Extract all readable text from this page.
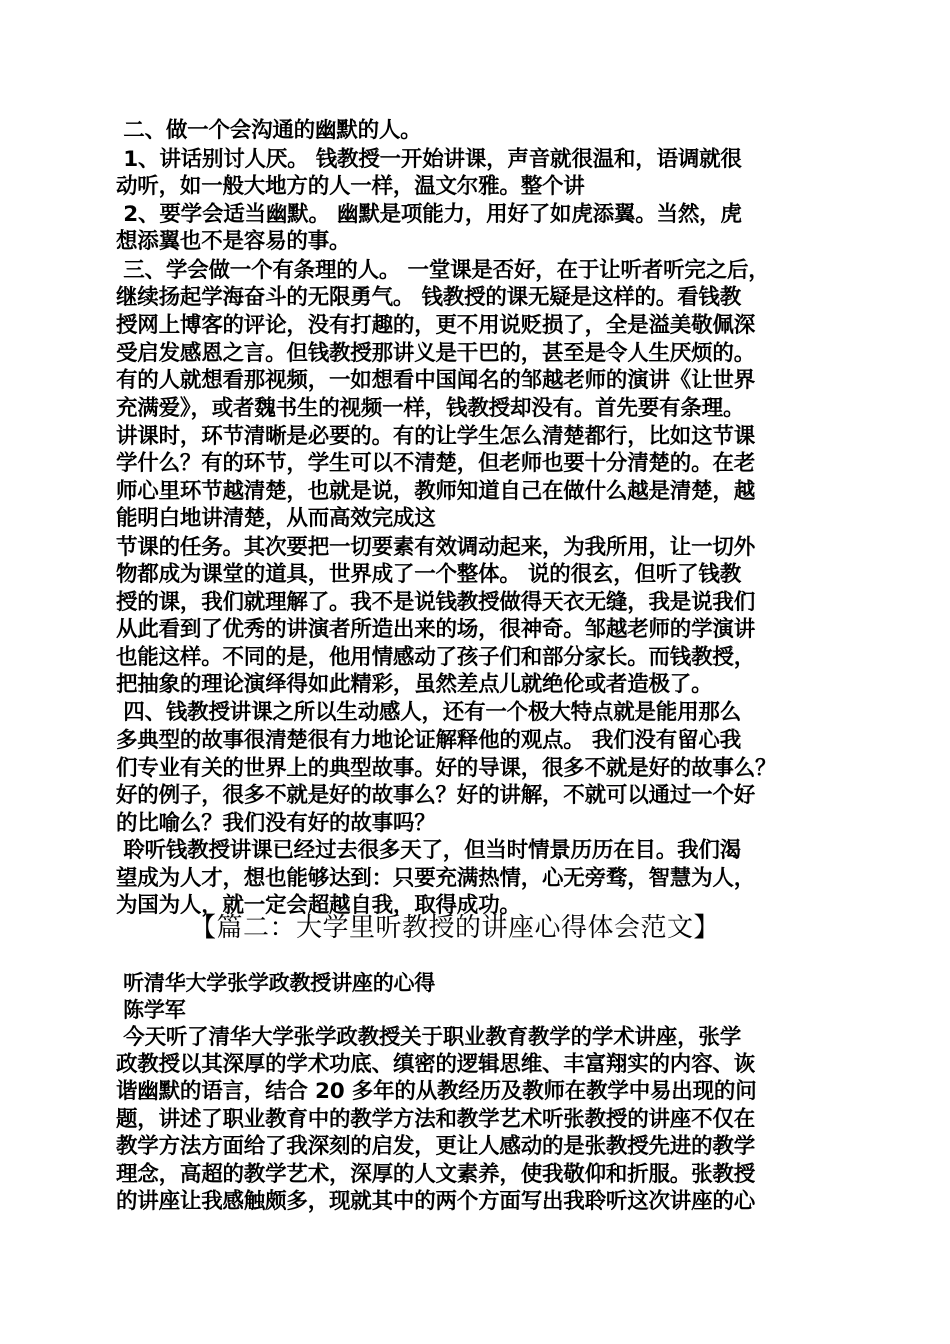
二、做一个会沟通的幽默的人。
1、讲话别讨人厌。 钱教授一开始讲课，声音就很温和，语调就很
动听，如一般大地方的人一样，温文尔雅。整个讲
2、要学会适当幽默。 幽默是项能力，用好了如虎添翼。当然，虎
想添翼也不是容易的事。
三、学会做一个有条理的人。 一堂课是否好，在于让听者听完之后，
继续扬起学海奋斗的无限勇气。 钱教授的课无疑是这样的。看钱教
授网上博客的评论，没有打趣的，更不用说贬损了，全是溢美敬佩深
受启发感恩之言。但钱教授那讲义是干巴的，甚至是令人生厌烦的。
有的人就想看那视频，一如想看中国闻名的邹越老师的演讲《让世界
充满爱》，或者魏书生的视频一样，钱教授却没有。首先要有条理。
讲课时，环节清晰是必要的。有的让学生怎么清楚都行，比如这节课
学什么？有的环节，学生可以不清楚，但老师也要十分清楚的。在老
师心里环节越清楚，也就是说，教师知道自己在做什么越是清楚，越
能明白地讲清楚，从而高效完成这
节课的任务。其次要把一切要素有效调动起来，为我所用，让一切外
物都成为课堂的道具，世界成了一个整体。 说的很玄，但听了钱教
授的课，我们就理解了。我不是说钱教授做得天衣无缝，我是说我们
从此看到了优秀的讲演者所造出来的场，很神奇。邹越老师的学演讲
也能这样。不同的是，他用情感动了孩子们和部分家长。而钱教授，
把抽象的理论演绎得如此精彩，虽然差点儿就绝伦或者造极了。
四、钱教授讲课之所以生动感人，还有一个极大特点就是能用那么
多典型的故事很清楚很有力地论证解释他的观点。 我们没有留心我
们专业有关的世界上的典型故事。好的导课，很多不就是好的故事么？
好的例子，很多不就是好的故事么？好的讲解，不就可以通过一个好
的比喻么？我们没有好的故事吗？
聆听钱教授讲课已经过去很多天了，但当时情景历历在目。我们渴
望成为人才，想也能够达到：只要充满热情，心无旁骛，智慧为人，
为国为人，就一定会超越自我，取得成功。
【篇二：大学里听教授的讲座心得体会范文】
听清华大学张学政教授讲座的心得
陈学军
今天听了清华大学张学政教授关于职业教育教学的学术讲座，张学
政教授以其深厚的学术功底、缜密的逻辑思维、丰富翔实的内容、诙
谐幽默的语言，结合 20 多年的从教经历及教师在教学中易出现的问
题，讲述了职业教育中的教学方法和教学艺术听张教授的讲座不仅在
教学方法方面给了我深刻的启发，更让人感动的是张教授先进的教学
理念，高超的教学艺术，深厚的人文素养，使我敬仰和折服。张教授
的讲座让我感触颇多，现就其中的两个方面写出我聆听这次讲座的心
